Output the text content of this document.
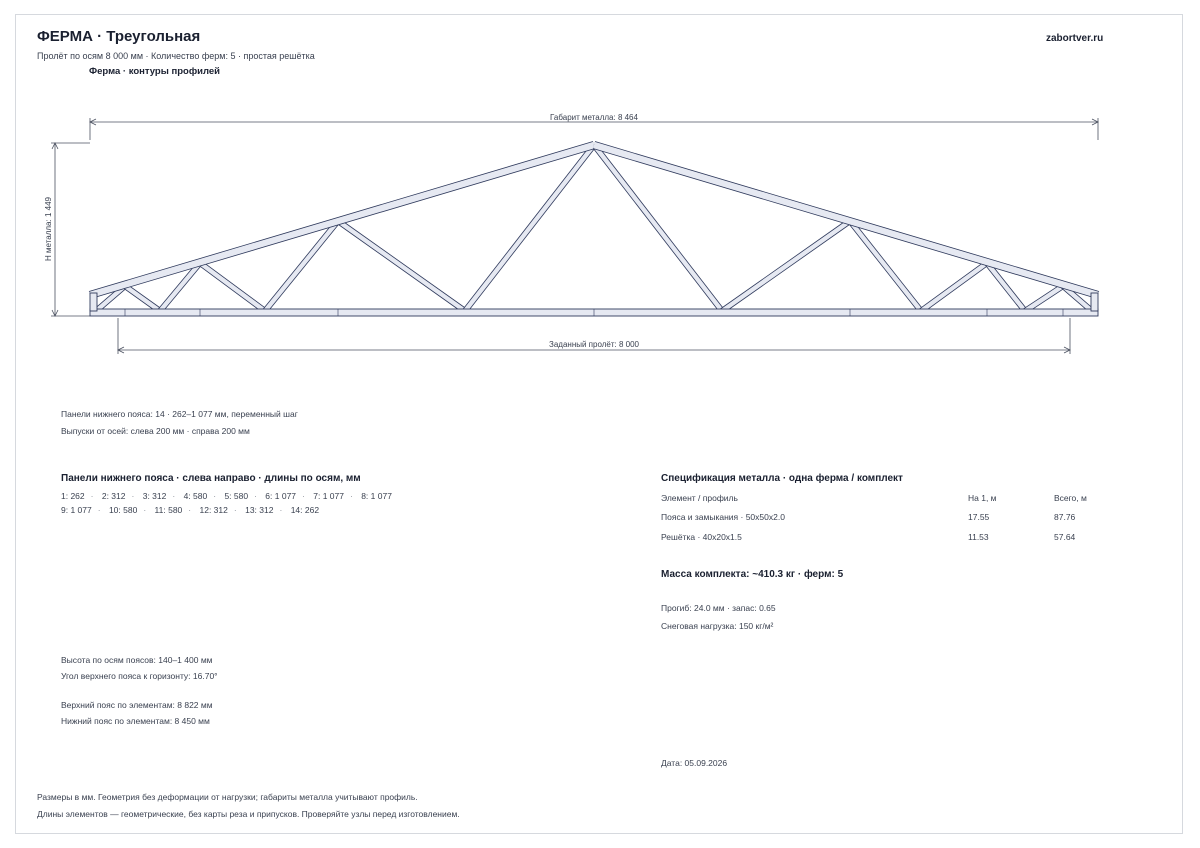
ФЕРМА · Треугольная
Пролёт по осям 8 000 мм · Количество ферм: 5 · простая решётка
Ферма · контуры профилей
zabortver.ru
Габарит металла: 8 464
H металла: 1 449
Заданный пролёт: 8 000
Панели нижнего пояса: 14 · 262–1 077 мм, переменный шаг
Выпуски от осей: слева 200 мм · справа 200 мм
Панели нижнего пояса · слева направо · длины по осям, мм
1: 262 · 2: 312 · 3: 312 · 4: 580 · 5: 580 · 6: 1 077 · 7: 1 077 · 8: 1 077
9: 1 077 · 10: 580 · 11: 580 · 12: 312 · 13: 312 · 14: 262
Высота по осям поясов: 140–1 400 мм
Угол верхнего пояса к горизонту: 16.70°
Верхний пояс по элементам: 8 822 мм
Нижний пояс по элементам: 8 450 мм
Спецификация металла · одна ферма / комплект
Элемент / профиль	На 1, м	Всего, м
Пояса и замыкания · 50x50x2.0	17.55	87.76
Решётка · 40x20x1.5	11.53	57.64
Масса комплекта: ~410.3 кг · ферм: 5
Прогиб: 24.0 мм · запас: 0.65
Снеговая нагрузка: 150 кг/м²
Дата: 05.09.2026
Размеры в мм. Геометрия без деформации от нагрузки; габариты металла учитывают профиль.
Длины элементов — геометрические, без карты реза и припусков. Проверяйте узлы перед изготовлением.
